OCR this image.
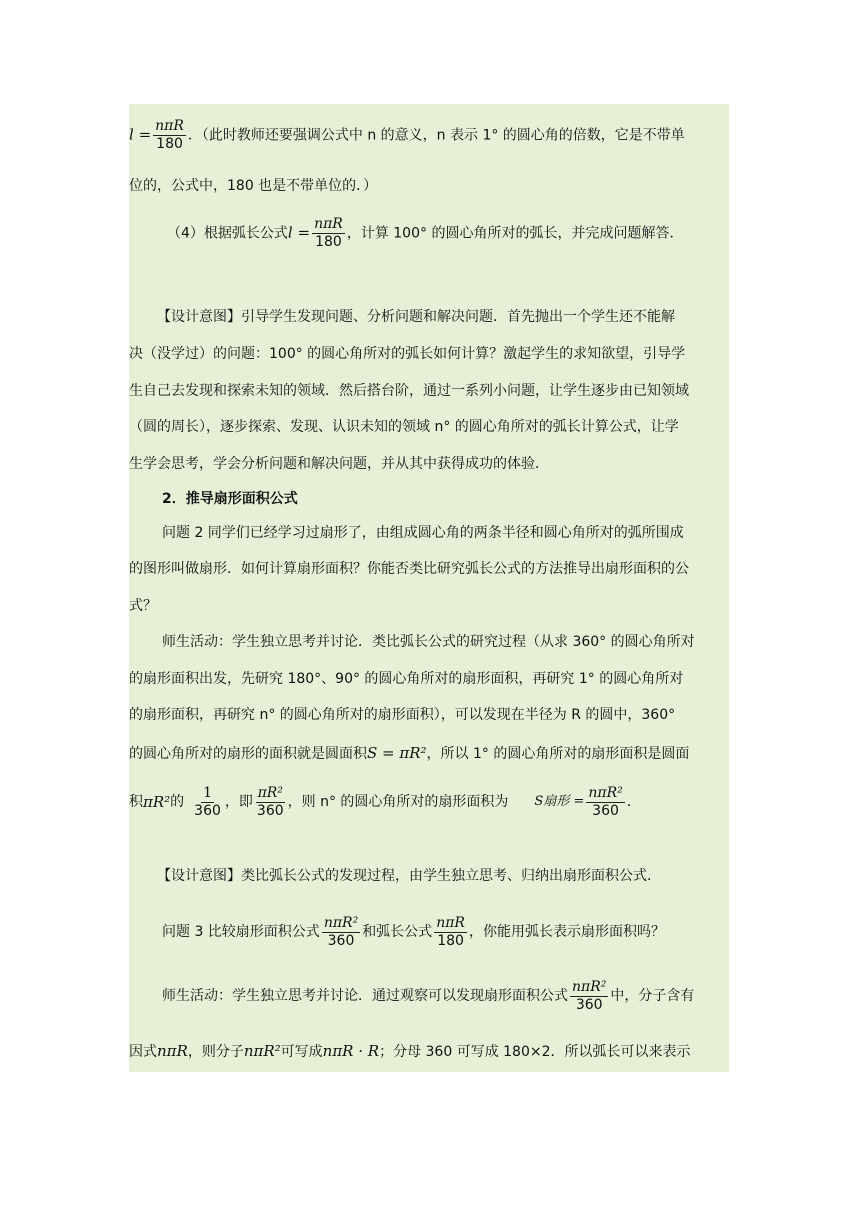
$l = \frac{\text{nπR}}{180}$ ．（此时教师还要强调公式中 n 的意义，n 表示 1° 的圆心角的倍数，它是不带单
位的，公式中，180 也是不带单位的．）
（4）根据弧长公式$l = \frac{\text{nπR}}{180}$ ，计算 100° 的圆心角所对的弧长，并完成问题解答．
【设计意图】引导学生发现问题、分析问题和解决问题．首先抛出一个学生还不能解
决（没学过）的问题：100° 的圆心角所对的弧长如何计算？激起学生的求知欲望，引导学
生自己去发现和探索未知的领域．然后搭台阶，通过一系列小问题，让学生逐步由已知领域
（圆的周长），逐步探索、发现、认识未知的领域 n° 的圆心角所对的弧长计算公式，让学
生学会思考，学会分析问题和解决问题，并从其中获得成功的体验．
2．推导扇形面积公式
问题 2 同学们已经学习过扇形了，由组成圆心角的两条半径和圆心角所对的弧所围成
的图形叫做扇形．如何计算扇形面积？你能否类比研究弧长公式的方法推导出扇形面积的公
式？
师生活动：学生独立思考并讨论．类比弧长公式的研究过程（从求 360° 的圆心角所对
的扇形面积出发，先研究 180°、90° 的圆心角所对的扇形面积，再研究 1° 的圆心角所对
的扇形面积，再研究 n° 的圆心角所对的扇形面积），可以发现在半径为 R 的圆中，360°
的圆心角所对的扇形的面积就是圆面积S = πR²，所以 1° 的圆心角所对的扇形面积是圆面
积 πR² 的 $\frac{1}{360}$ ，即 $\frac{\text{πR²}}{360}$ ，则 n° 的圆心角所对的扇形面积为 S扇形 = $\frac{\text{nπR²}}{360}$ ．
【设计意图】类比弧长公式的发现过程，由学生独立思考、归纳出扇形面积公式．
问题 3 比较扇形面积公式 $\frac{\text{nπR²}}{360}$ 和弧长公式 $\frac{\text{nπR}}{180}$ ，你能用弧长表示扇形面积吗？
师生活动：学生独立思考并讨论．通过观察可以发现扇形面积公式 $\frac{\text{nπR²}}{360}$ 中，分子含有
因式nπR，则分子nπR²可写成nπR · R；分母 360 可写成 180×2．所以弧长可以来表示
